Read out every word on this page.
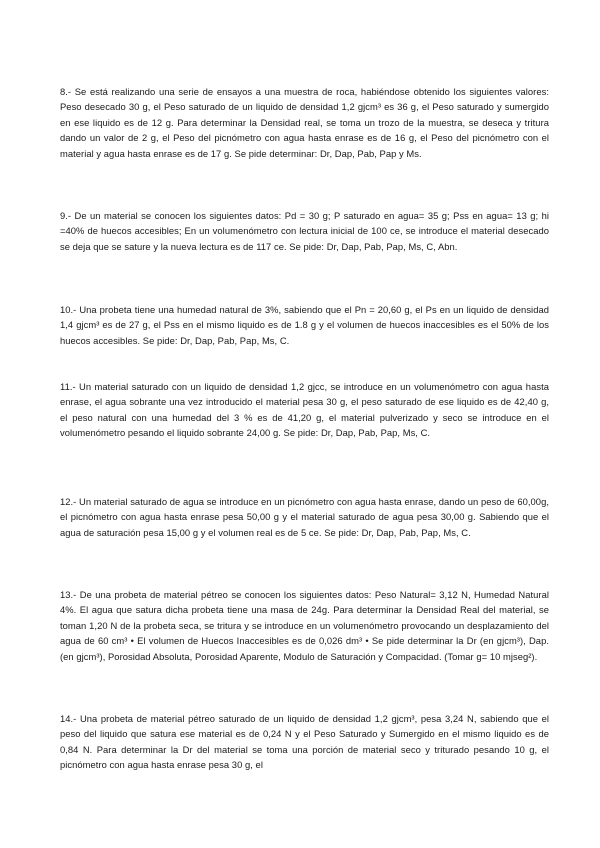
8.- Se está realizando una serie de ensayos a una muestra de roca, habiéndose obtenido los siguientes valores: Peso desecado 30 g, el Peso saturado de un liquido de densidad 1,2 gjcm³ es 36 g, el Peso saturado y sumergido en ese liquido es de 12 g. Para determinar la Densidad real, se toma un trozo de la muestra, se deseca y tritura dando un valor de 2 g, el Peso del picnómetro con agua hasta enrase es de 16 g, el Peso del picnómetro con el material y agua hasta enrase es de 17 g. Se pide determinar: Dr, Dap, Pab, Pap y Ms.

9.- De un material se conocen los siguientes datos: Pd = 30 g; P saturado en agua= 35 g; Pss en agua= 13 g; hi =40% de huecos accesibles; En un volumenómetro con lectura inicial de 100 ce, se introduce el material desecado se deja que se sature y la nueva lectura es de 117 ce. Se pide: Dr, Dap, Pab, Pap, Ms, C, Abn.

10.- Una probeta tiene una humedad natural de 3%, sabiendo que el Pn = 20,60 g, el Ps en un liquido de densidad 1,4 gjcm³ es de 27 g, el Pss en el mismo liquido es de 1.8 g y el volumen de huecos inaccesibles es el 50% de los huecos accesibles. Se pide: Dr, Dap, Pab, Pap, Ms, C.

11.- Un material saturado con un liquido de densidad 1,2 gjcc, se introduce en un volumenómetro con agua hasta enrase, el agua sobrante una vez introducido el material pesa 30 g, el peso saturado de ese liquido es de 42,40 g, el peso natural con una humedad del 3 % es de 41,20 g, el material pulverizado y seco se introduce en el volumenómetro pesando el liquido sobrante 24,00 g. Se pide: Dr, Dap, Pab, Pap, Ms, C.

12.- Un material saturado de agua se introduce en un picnómetro con agua hasta enrase, dando un peso de 60,00g, el picnómetro con agua hasta enrase pesa 50,00 g y el material saturado de agua pesa 30,00 g. Sabiendo que el agua de saturación pesa 15,00 g y el volumen real es de 5 ce. Se pide: Dr, Dap, Pab, Pap, Ms, C.

13.- De una probeta de material pétreo se conocen los siguientes datos: Peso Natural= 3,12 N, Humedad Natural 4%. El agua que satura dicha probeta tiene una masa de 24g. Para determinar la Densidad Real del material, se toman 1,20 N de la probeta seca, se tritura y se introduce en un volumenómetro provocando un desplazamiento del agua de 60 cm³ • El volumen de Huecos Inaccesibles es de 0,026 dm³ • Se pide determinar la Dr (en gjcm³), Dap. (en gjcm³), Porosidad Absoluta, Porosidad Aparente, Modulo de Saturación y Compacidad. (Tomar g= 10 mjseg²).

14.- Una probeta de material pétreo saturado de un liquido de densidad 1,2 gjcm³, pesa 3,24 N, sabiendo que el peso del liquido que satura ese material es de 0,24 N y el Peso Saturado y Sumergido en el mismo liquido es de 0,84 N. Para determinar la Dr del material se toma una porción de material seco y triturado pesando 10 g, el picnómetro con agua hasta enrase pesa 30 g, el
